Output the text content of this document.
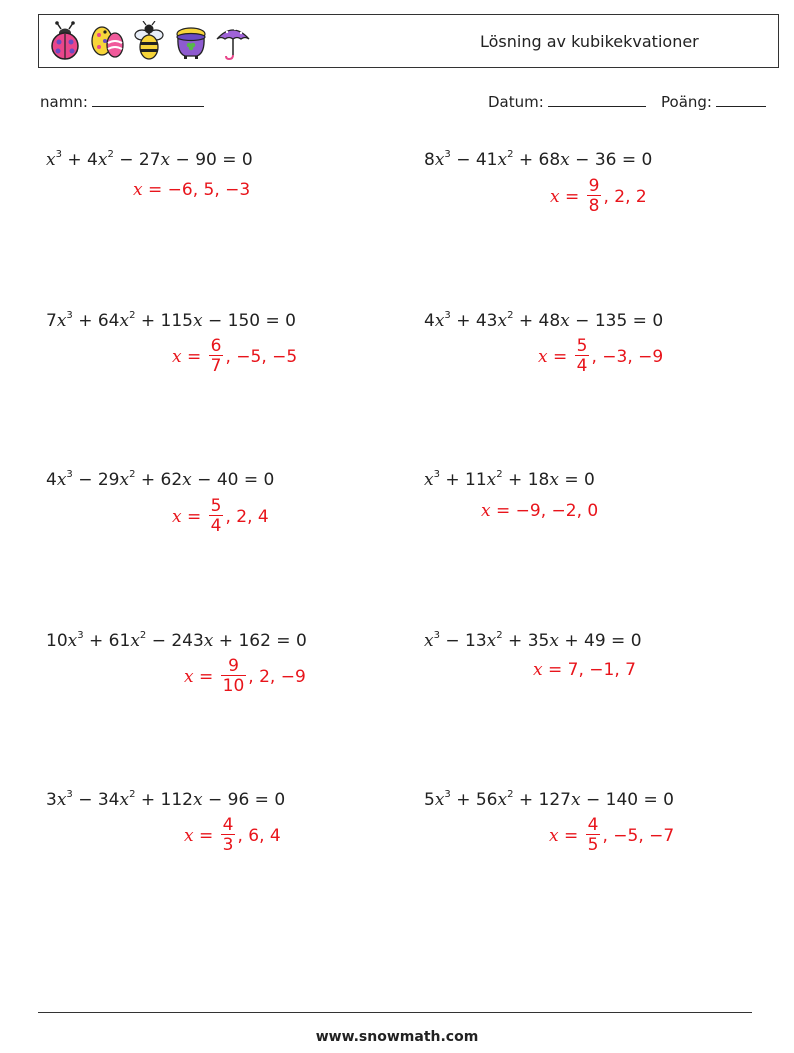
Lösning av kubikekvationer
namn:	Datum:	Poäng:
$x^3 + 4x^2 - 27x - 90 = 0$	$8x^3 - 41x^2 + 68x - 36 = 0$
$7x^3 + 64x^2 + 115x - 150 = 0$	$4x^3 + 43x^2 + 48x - 135 = 0$
$4x^3 - 29x^2 + 62x - 40 = 0$	$x^3 + 11x^2 + 18x = 0$
$10x^3 + 61x^2 - 243x + 162 = 0$	$x^3 - 13x^2 + 35x + 49 = 0$
$3x^3 - 34x^2 + 112x - 96 = 0$	$5x^3 + 56x^2 + 127x - 140 = 0$
x = −6, 5, −3	$x = \frac{9}{8}$ , 2, 2
$x = \frac{6}{7}$ , −5, −5	$x = \frac{5}{4}$ , −3, −9
$x = \frac{5}{4}$ , 2, 4	x = −9, −2, 0
$x = \frac{9}{10}$ , 2, −9	x = 7, −1, 7
$x = \frac{4}{3}$ , 6, 4	$x = \frac{4}{5}$ , −5, −7
www.snowmath.com
